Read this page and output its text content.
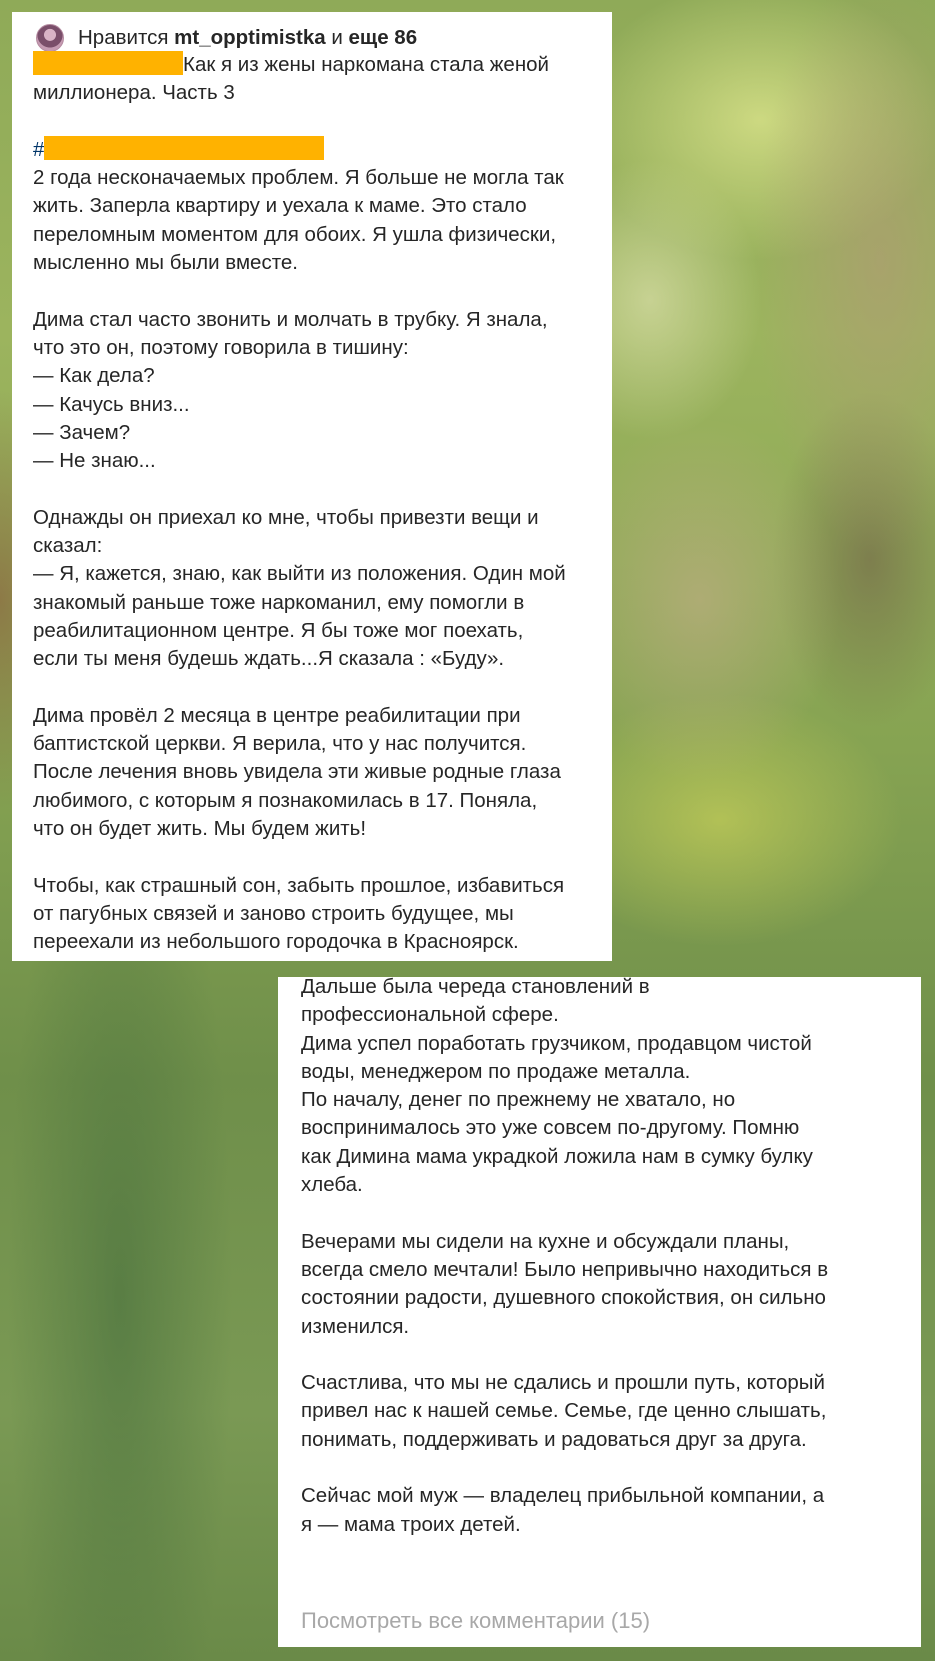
Нравится mt_opptimistka и еще 86
Как я из жены наркомана стала женой
миллионера. Часть 3
#
2 года несконачаемых проблем. Я больше не могла так
жить. Заперла квартиру и уехала к маме. Это стало
переломным моментом для обоих. Я ушла физически,
мысленно мы были вместе.
Дима стал часто звонить и молчать в трубку. Я знала,
что это он, поэтому говорила в тишину:
— Как дела?
— Качусь вниз...
— Зачем?
— Не знаю...
Однажды он приехал ко мне, чтобы привезти вещи и
сказал:
— Я, кажется, знаю, как выйти из положения. Один мой
знакомый раньше тоже наркоманил, ему помогли в
реабилитационном центре. Я бы тоже мог поехать,
если ты меня будешь ждать...Я сказала : «Буду».
Дима провёл 2 месяца в центре реабилитации при
баптистской церкви. Я верила, что у нас получится.
После лечения вновь увидела эти живые родные глаза
любимого, с которым я познакомилась в 17. Поняла,
что он будет жить. Мы будем жить!
Чтобы, как страшный сон, забыть прошлое, избавиться
от пагубных связей и заново строить будущее, мы
переехали из небольшого городочка в Красноярск.
Дальше была череда становлений в
профессиональной сфере.
Дима успел поработать грузчиком, продавцом чистой
воды, менеджером по продаже металла.
По началу, денег по прежнему не хватало, но
воспринималось это уже совсем по-другому. Помню
как Димина мама украдкой ложила нам в сумку булку
хлеба.
Вечерами мы сидели на кухне и обсуждали планы,
всегда смело мечтали! Было непривычно находиться в
состоянии радости, душевного спокойствия, он сильно
изменился.
Счастлива, что мы не сдались и прошли путь, который
привел нас к нашей семье. Семье, где ценно слышать,
понимать, поддерживать и радоваться друг за друга.
Сейчас мой муж — владелец прибыльной компании, а
я — мама троих детей.
Посмотреть все комментарии (15)
